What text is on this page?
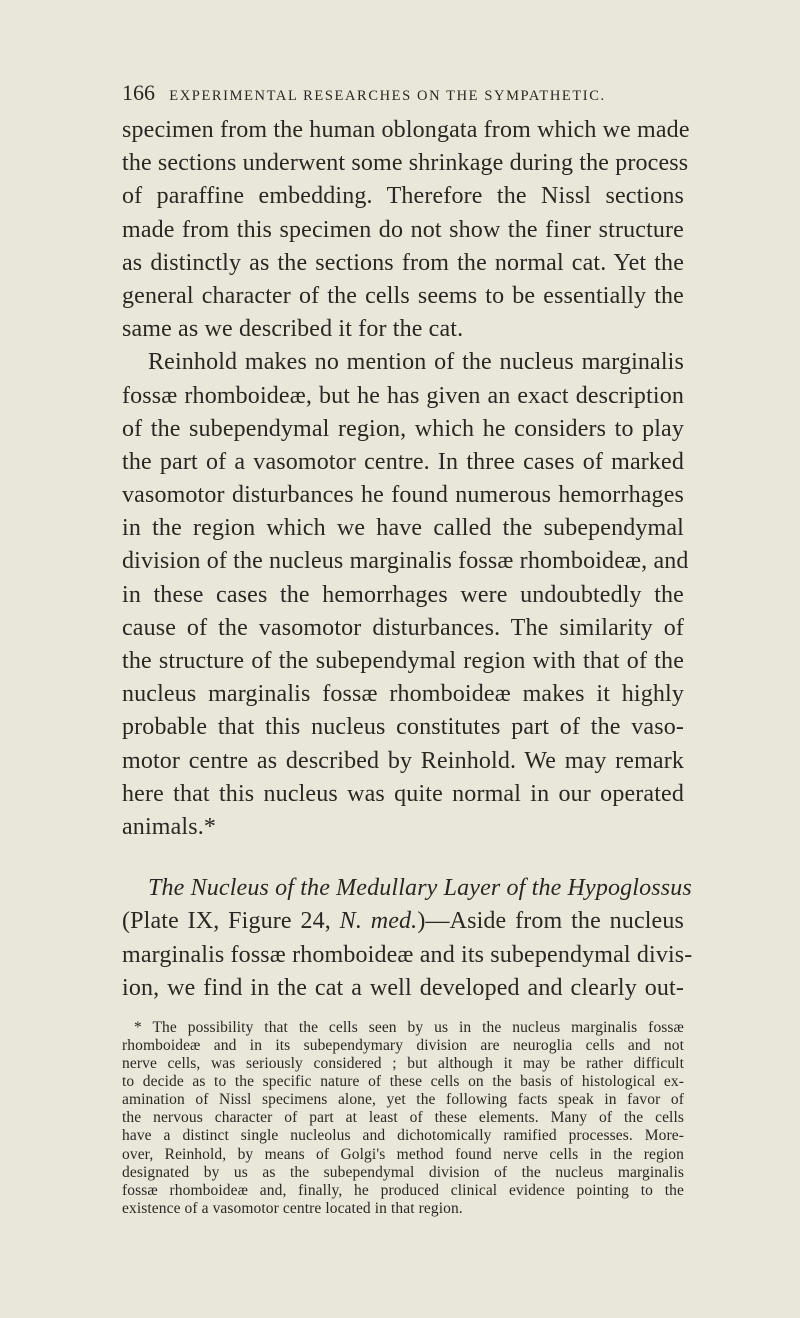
166 EXPERIMENTAL RESEARCHES ON THE SYMPATHETIC.
specimen from the human oblongata from which we made
the sections underwent some shrinkage during the process
of paraffine embedding. Therefore the Nissl sections
made from this specimen do not show the finer structure
as distinctly as the sections from the normal cat. Yet the
general character of the cells seems to be essentially the
same as we described it for the cat.
Reinhold makes no mention of the nucleus marginalis
fossæ rhomboideæ, but he has given an exact description
of the subependymal region, which he considers to play
the part of a vasomotor centre. In three cases of marked
vasomotor disturbances he found numerous hemorrhages
in the region which we have called the subependymal
division of the nucleus marginalis fossæ rhomboideæ, and
in these cases the hemorrhages were undoubtedly the
cause of the vasomotor disturbances. The similarity of
the structure of the subependymal region with that of the
nucleus marginalis fossæ rhomboideæ makes it highly
probable that this nucleus constitutes part of the vaso-
motor centre as described by Reinhold. We may remark
here that this nucleus was quite normal in our operated
animals.*
The Nucleus of the Medullary Layer of the Hypoglossus
(Plate IX, Figure 24, N. med.)—Aside from the nucleus
marginalis fossæ rhomboideæ and its subependymal divis-
ion, we find in the cat a well developed and clearly out-
* The possibility that the cells seen by us in the nucleus marginalis fossæ
rhomboideæ and in its subependymary division are neuroglia cells and not
nerve cells, was seriously considered ; but although it may be rather difficult
to decide as to the specific nature of these cells on the basis of histological ex-
amination of Nissl specimens alone, yet the following facts speak in favor of
the nervous character of part at least of these elements. Many of the cells
have a distinct single nucleolus and dichotomically ramified processes. More-
over, Reinhold, by means of Golgi's method found nerve cells in the region
designated by us as the subependymal division of the nucleus marginalis
fossæ rhomboideæ and, finally, he produced clinical evidence pointing to the
existence of a vasomotor centre located in that region.
